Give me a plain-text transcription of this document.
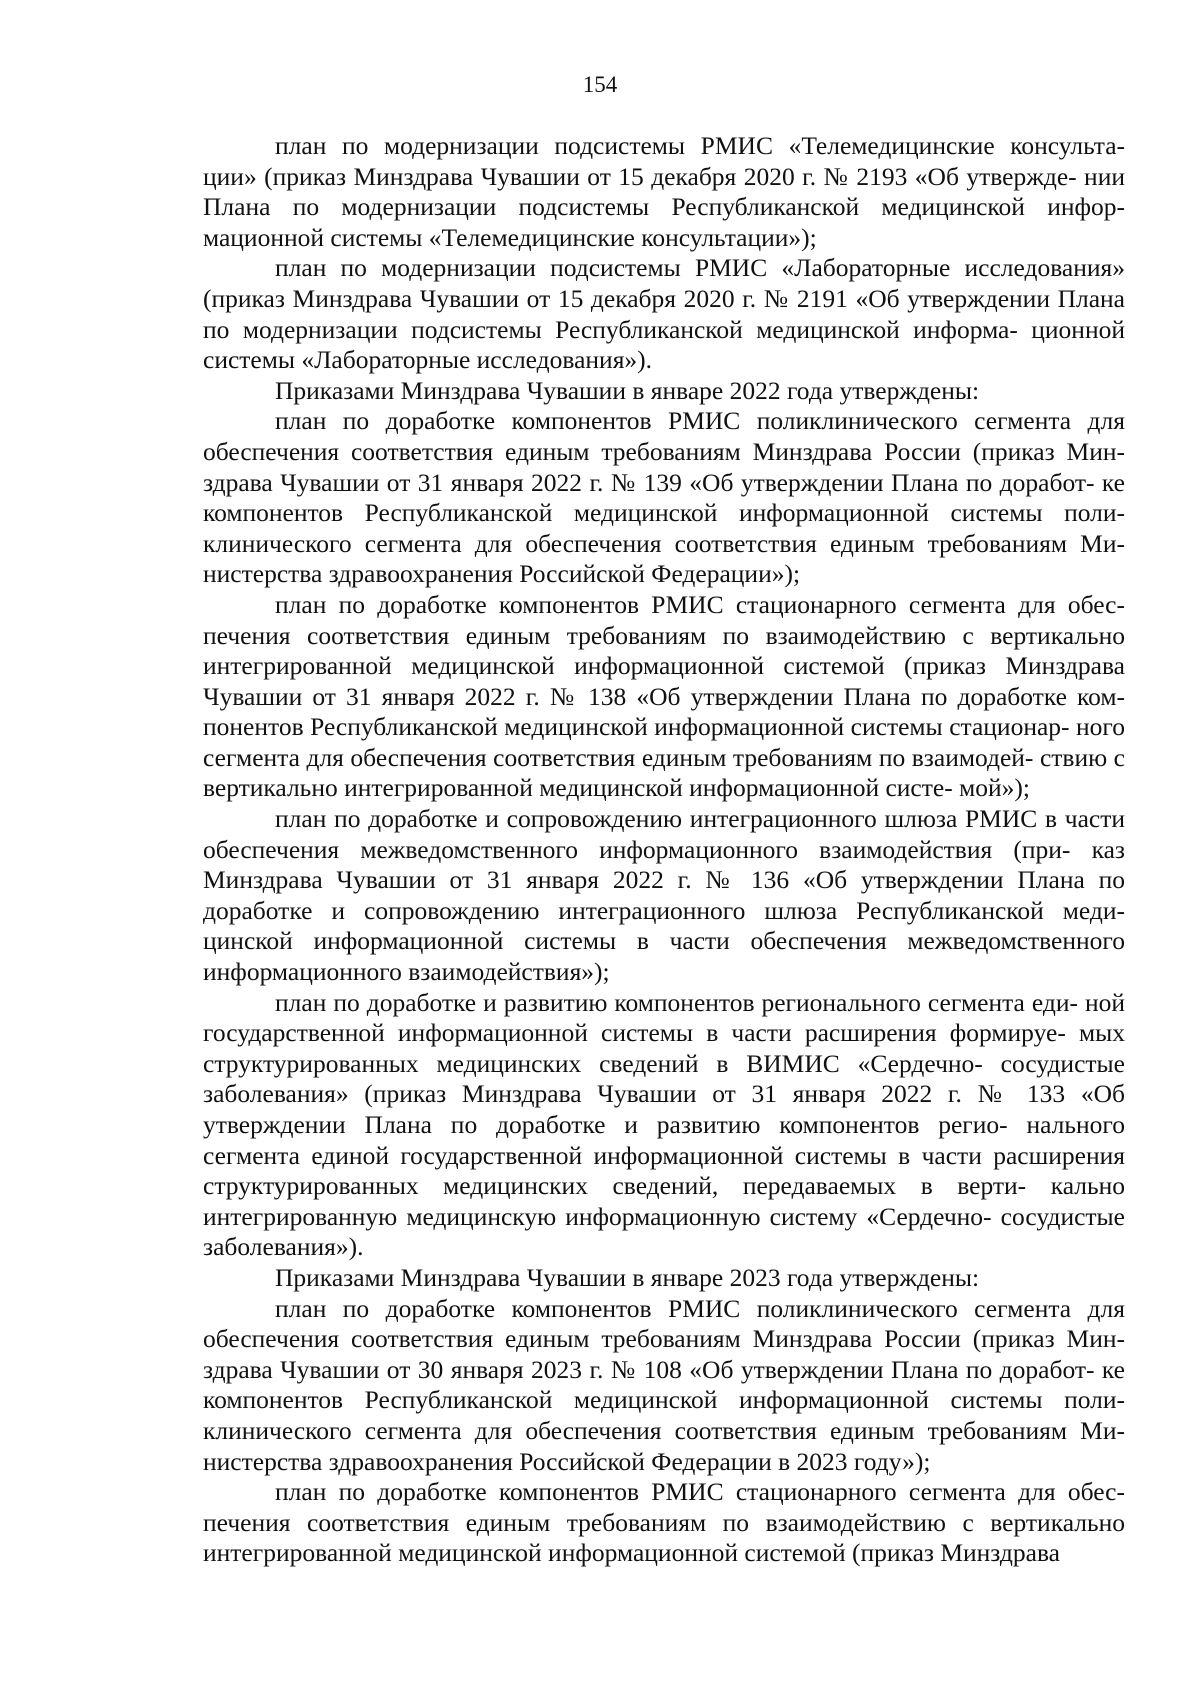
154

план по модернизации подсистемы РМИС «Телемедицинские консульта- ции» (приказ Минздрава Чувашии от 15 декабря 2020 г. № 2193 «Об утвержде- нии Плана по модернизации подсистемы Республиканской медицинской инфор- мационной системы «Телемедицинские консультации»);

план по модернизации подсистемы РМИС «Лабораторные исследования» (приказ Минздрава Чувашии от 15 декабря 2020 г. № 2191 «Об утверждении Плана по модернизации подсистемы Республиканской медицинской информа- ционной системы «Лабораторные исследования»).

Приказами Минздрава Чувашии в январе 2022 года утверждены:

план по доработке компонентов РМИС поликлинического сегмента для обеспечения соответствия единым требованиям Минздрава России (приказ Мин- здрава Чувашии от 31 января 2022 г. № 139 «Об утверждении Плана по доработ- ке компонентов Республиканской медицинской информационной системы поли- клинического сегмента для обеспечения соответствия единым требованиям Ми- нистерства здравоохранения Российской Федерации»);

план по доработке компонентов РМИС стационарного сегмента для обес- печения соответствия единым требованиям по взаимодействию с вертикально интегрированной медицинской информационной системой (приказ Минздрава Чувашии от 31 января 2022 г. № 138 «Об утверждении Плана по доработке ком- понентов Республиканской медицинской информационной системы стационар- ного сегмента для обеспечения соответствия единым требованиям по взаимодей- ствию с вертикально интегрированной медицинской информационной систе- мой»);

план по доработке и сопровождению интеграционного шлюза РМИС в части обеспечения межведомственного информационного взаимодействия (при- каз Минздрава Чувашии от 31 января 2022 г. № 136 «Об утверждении Плана по доработке и сопровождению интеграционного шлюза Республиканской меди- цинской информационной системы в части обеспечения межведомственного информационного взаимодействия»);

план по доработке и развитию компонентов регионального сегмента еди- ной государственной информационной системы в части расширения формируе- мых структурированных медицинских сведений в ВИМИС «Сердечно- сосудистые заболевания» (приказ Минздрава Чувашии от 31 января 2022 г. № 133 «Об утверждении Плана по доработке и развитию компонентов регио- нального сегмента единой государственной информационной системы в части расширения структурированных медицинских сведений, передаваемых в верти- кально интегрированную медицинскую информационную систему «Сердечно- сосудистые заболевания»).

Приказами Минздрава Чувашии в январе 2023 года утверждены:

план по доработке компонентов РМИС поликлинического сегмента для обеспечения соответствия единым требованиям Минздрава России (приказ Мин- здрава Чувашии от 30 января 2023 г. № 108 «Об утверждении Плана по доработ- ке компонентов Республиканской медицинской информационной системы поли- клинического сегмента для обеспечения соответствия единым требованиям Ми- нистерства здравоохранения Российской Федерации в 2023 году»);

план по доработке компонентов РМИС стационарного сегмента для обес- печения соответствия единым требованиям по взаимодействию с вертикально интегрированной медицинской информационной системой (приказ Минздрава
